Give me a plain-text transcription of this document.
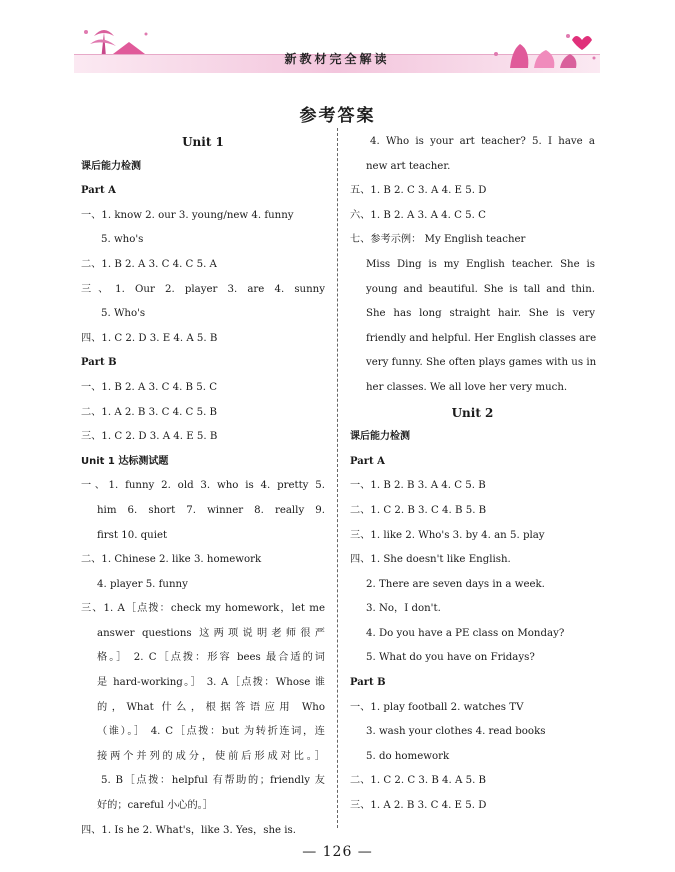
新教材完全解读
参考答案
Unit 1
课后能力检测
Part A
一、1. know 2. our 3. young/new 4. funny
5. who's
二、1. B 2. A 3. C 4. C 5. A
三、1. Our 2. player 3. are 4. sunny
5. Who's
四、1. C 2. D 3. E 4. A 5. B
Part B
一、1. B 2. A 3. C 4. B 5. C
二、1. A 2. B 3. C 4. C 5. B
三、1. C 2. D 3. A 4. E 5. B
Unit 1 达标测试题
一、1. funny 2. old 3. who is 4. pretty 5.
him 6. short 7. winner 8. really 9.
first 10. quiet
二、1. Chinese 2. like 3. homework
4. player 5. funny
三、1. A［点拨：check my homework，let me
answer questions 这两项说明老师很严
格。］ 2. C［点拨：形容 bees 最合适的词
是 hard-working。］ 3. A［点拨：Whose 谁
的，What 什么，根据答语应用 Who
（谁）。］ 4. C［点拨：but 为转折连词，连
接两个并列的成分，使前后形成对比。］
5. B［点拨：helpful 有帮助的；friendly 友
好的；careful 小心的。］
四、1. Is he 2. What's，like 3. Yes，she is.
4. Who is your art teacher? 5. I have a
new art teacher.
五、1. B 2. C 3. A 4. E 5. D
六、1. B 2. A 3. A 4. C 5. C
七、参考示例： My English teacher
Miss Ding is my English teacher. She is
young and beautiful. She is tall and thin.
She has long straight hair. She is very
friendly and helpful. Her English classes are
very funny. She often plays games with us in
her classes. We all love her very much.
Unit 2
课后能力检测
Part A
一、1. B 2. B 3. A 4. C 5. B
二、1. C 2. B 3. C 4. B 5. B
三、1. like 2. Who's 3. by 4. an 5. play
四、1. She doesn't like English.
2. There are seven days in a week.
3. No，I don't.
4. Do you have a PE class on Monday?
5. What do you have on Fridays?
Part B
一、1. play football 2. watches TV
3. wash your clothes 4. read books
5. do homework
二、1. C 2. C 3. B 4. A 5. B
三、1. A 2. B 3. C 4. E 5. D
— 126 —
